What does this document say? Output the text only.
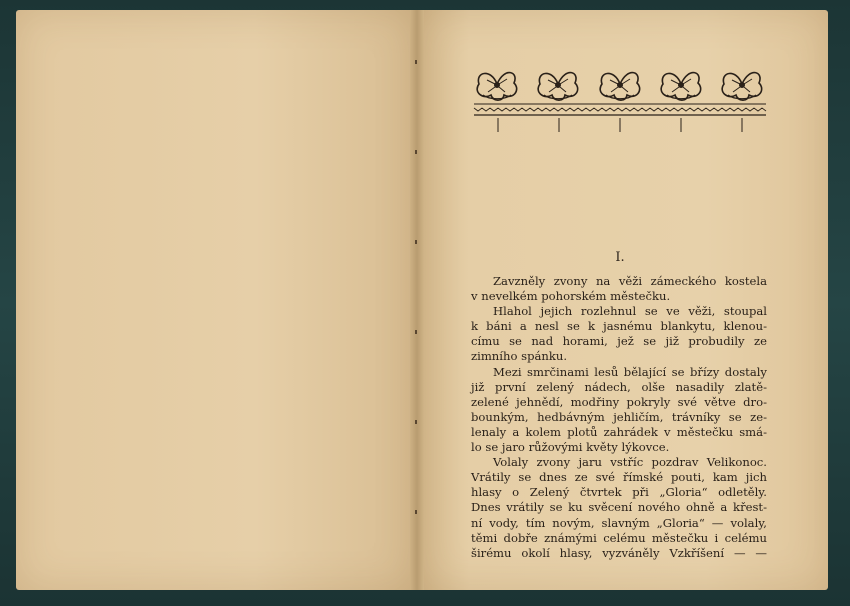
I.
Zavzněly zvony na věži zámeckého kostela
v nevelkém pohorském městečku.
Hlahol jejich rozlehnul se ve věži, stoupal
k báni a nesl se k jasnému blankytu, klenou-
címu se nad horami, jež se již probudily ze
zimního spánku.
Mezi smrčinami lesů bělající se břízy dostaly
již první zelený nádech, olše nasadily zlatě-
zelené jehnědí, modřiny pokryly své větve dro-
bounkým, hedbávným jehličím, trávníky se ze-
lenaly a kolem plotů zahrádek v městečku smá-
lo se jaro růžovými květy lýkovce.
Volaly zvony jaru vstříc pozdrav Velikonoc.
Vrátily se dnes ze své římské pouti, kam jich
hlasy o Zelený čtvrtek při „Gloria“ odletěly.
Dnes vrátily se ku svěcení nového ohně a křest-
ní vody, tím novým, slavným „Gloria“ — volaly,
těmi dobře známými celému městečku i celému
širému okolí hlasy, vyzváněly Vzkříšení — —
